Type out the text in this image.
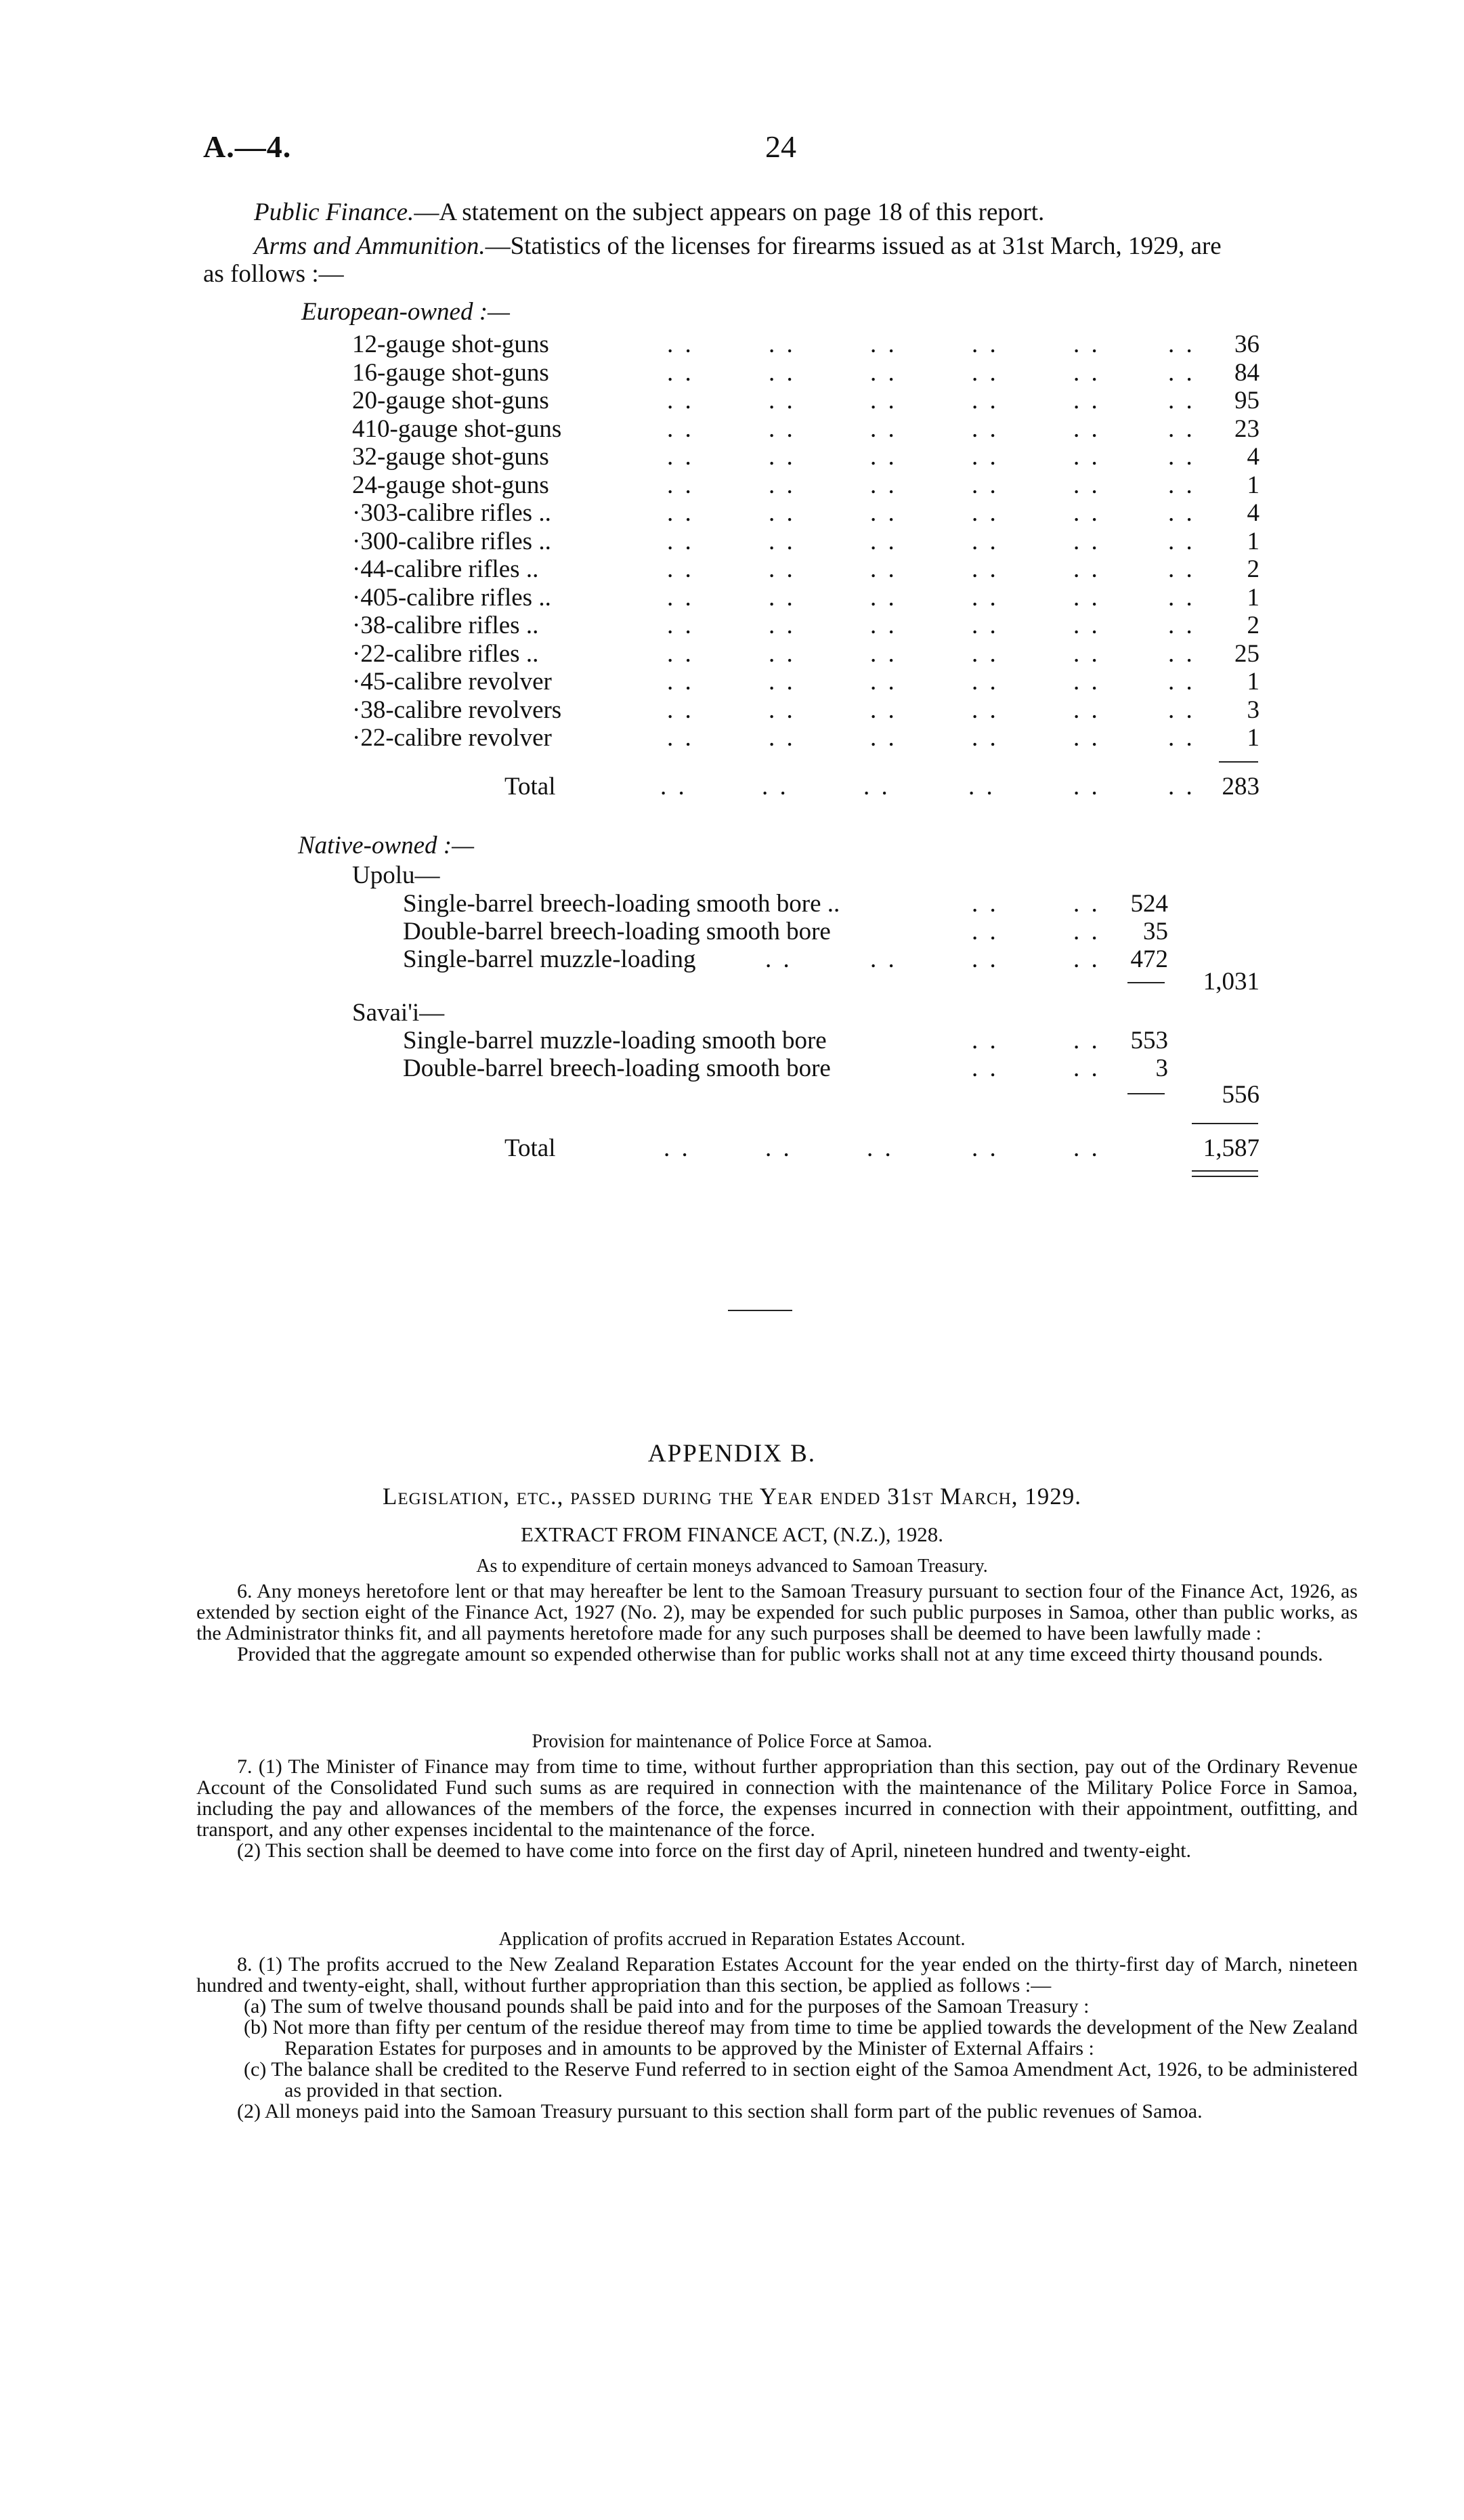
A.—4.	24
Public Finance.—A statement on the subject appears on page 18 of this report.
Arms and Ammunition.—Statistics of the licenses for firearms issued as at 31st March, 1929, are
as follows :—
European-owned :—
12-gauge shot-guns	. .	. .	. .	. .	. .	. .	36
16-gauge shot-guns	. .	. .	. .	. .	. .	. .	84
20-gauge shot-guns	. .	. .	. .	. .	. .	. .	95
410-gauge shot-guns	. .	. .	. .	. .	. .	. .	23
32-gauge shot-guns	. .	. .	. .	. .	. .	. .	4
24-gauge shot-guns	. .	. .	. .	. .	. .	. .	1
·303-calibre rifles ..	. .	. .	. .	. .	. .	. .	4
·300-calibre rifles ..	. .	. .	. .	. .	. .	. .	1
·44-calibre rifles ..	. .	. .	. .	. .	. .	. .	2
·405-calibre rifles ..	. .	. .	. .	. .	. .	. .	1
·38-calibre rifles ..	. .	. .	. .	. .	. .	. .	2
·22-calibre rifles ..	. .	. .	. .	. .	. .	. .	25
·45-calibre revolver	. .	. .	. .	. .	. .	. .	1
·38-calibre revolvers	. .	. .	. .	. .	. .	. .	3
·22-calibre revolver	. .	. .	. .	. .	. .	. .	1
Total	. .	. .	. .	. .	. .	. .	283
Native-owned :—
Upolu—
Single-barrel breech-loading smooth bore ..	. .	. .	524
Double-barrel breech-loading smooth bore	. .	. .	35
Single-barrel muzzle-loading	. .	. .	. .	. .	472
1,031
Savai'i—
Single-barrel muzzle-loading smooth bore	. .	. .	553
Double-barrel breech-loading smooth bore	. .	. .	3
556
Total	. .	. .	. .	. .	. .	1,587
APPENDIX B.
Legislation, etc., passed during the Year ended 31st March, 1929.
EXTRACT FROM FINANCE ACT, (N.Z.), 1928.
As to expenditure of certain moneys advanced to Samoan Treasury.

6. Any moneys heretofore lent or that may hereafter be lent to the Samoan Treasury pursuant to section four of the Finance Act, 1926, as extended by section eight of the Finance Act, 1927 (No. 2), may be expended for such public purposes in Samoa, other than public works, as the Administrator thinks fit, and all payments heretofore made for any such purposes shall be deemed to have been lawfully made :

Provided that the aggregate amount so expended otherwise than for public works shall not at any time exceed thirty thousand pounds.

Provision for maintenance of Police Force at Samoa.

7. (1) The Minister of Finance may from time to time, without further appropriation than this section, pay out of the Ordinary Revenue Account of the Consolidated Fund such sums as are required in connection with the maintenance of the Military Police Force in Samoa, including the pay and allowances of the members of the force, the expenses incurred in connection with their appointment, outfitting, and transport, and any other expenses incidental to the maintenance of the force.

(2) This section shall be deemed to have come into force on the first day of April, nineteen hundred and twenty-eight.

Application of profits accrued in Reparation Estates Account.

8. (1) The profits accrued to the New Zealand Reparation Estates Account for the year ended on the thirty-first day of March, nineteen hundred and twenty-eight, shall, without further appropriation than this section, be applied as follows :—

(a) The sum of twelve thousand pounds shall be paid into and for the purposes of the Samoan Treasury :

(b) Not more than fifty per centum of the residue thereof may from time to time be applied towards the development of the New Zealand Reparation Estates for purposes and in amounts to be approved by the Minister of External Affairs :

(c) The balance shall be credited to the Reserve Fund referred to in section eight of the Samoa Amendment Act, 1926, to be administered as provided in that section.

(2) All moneys paid into the Samoan Treasury pursuant to this section shall form part of the public revenues of Samoa.
